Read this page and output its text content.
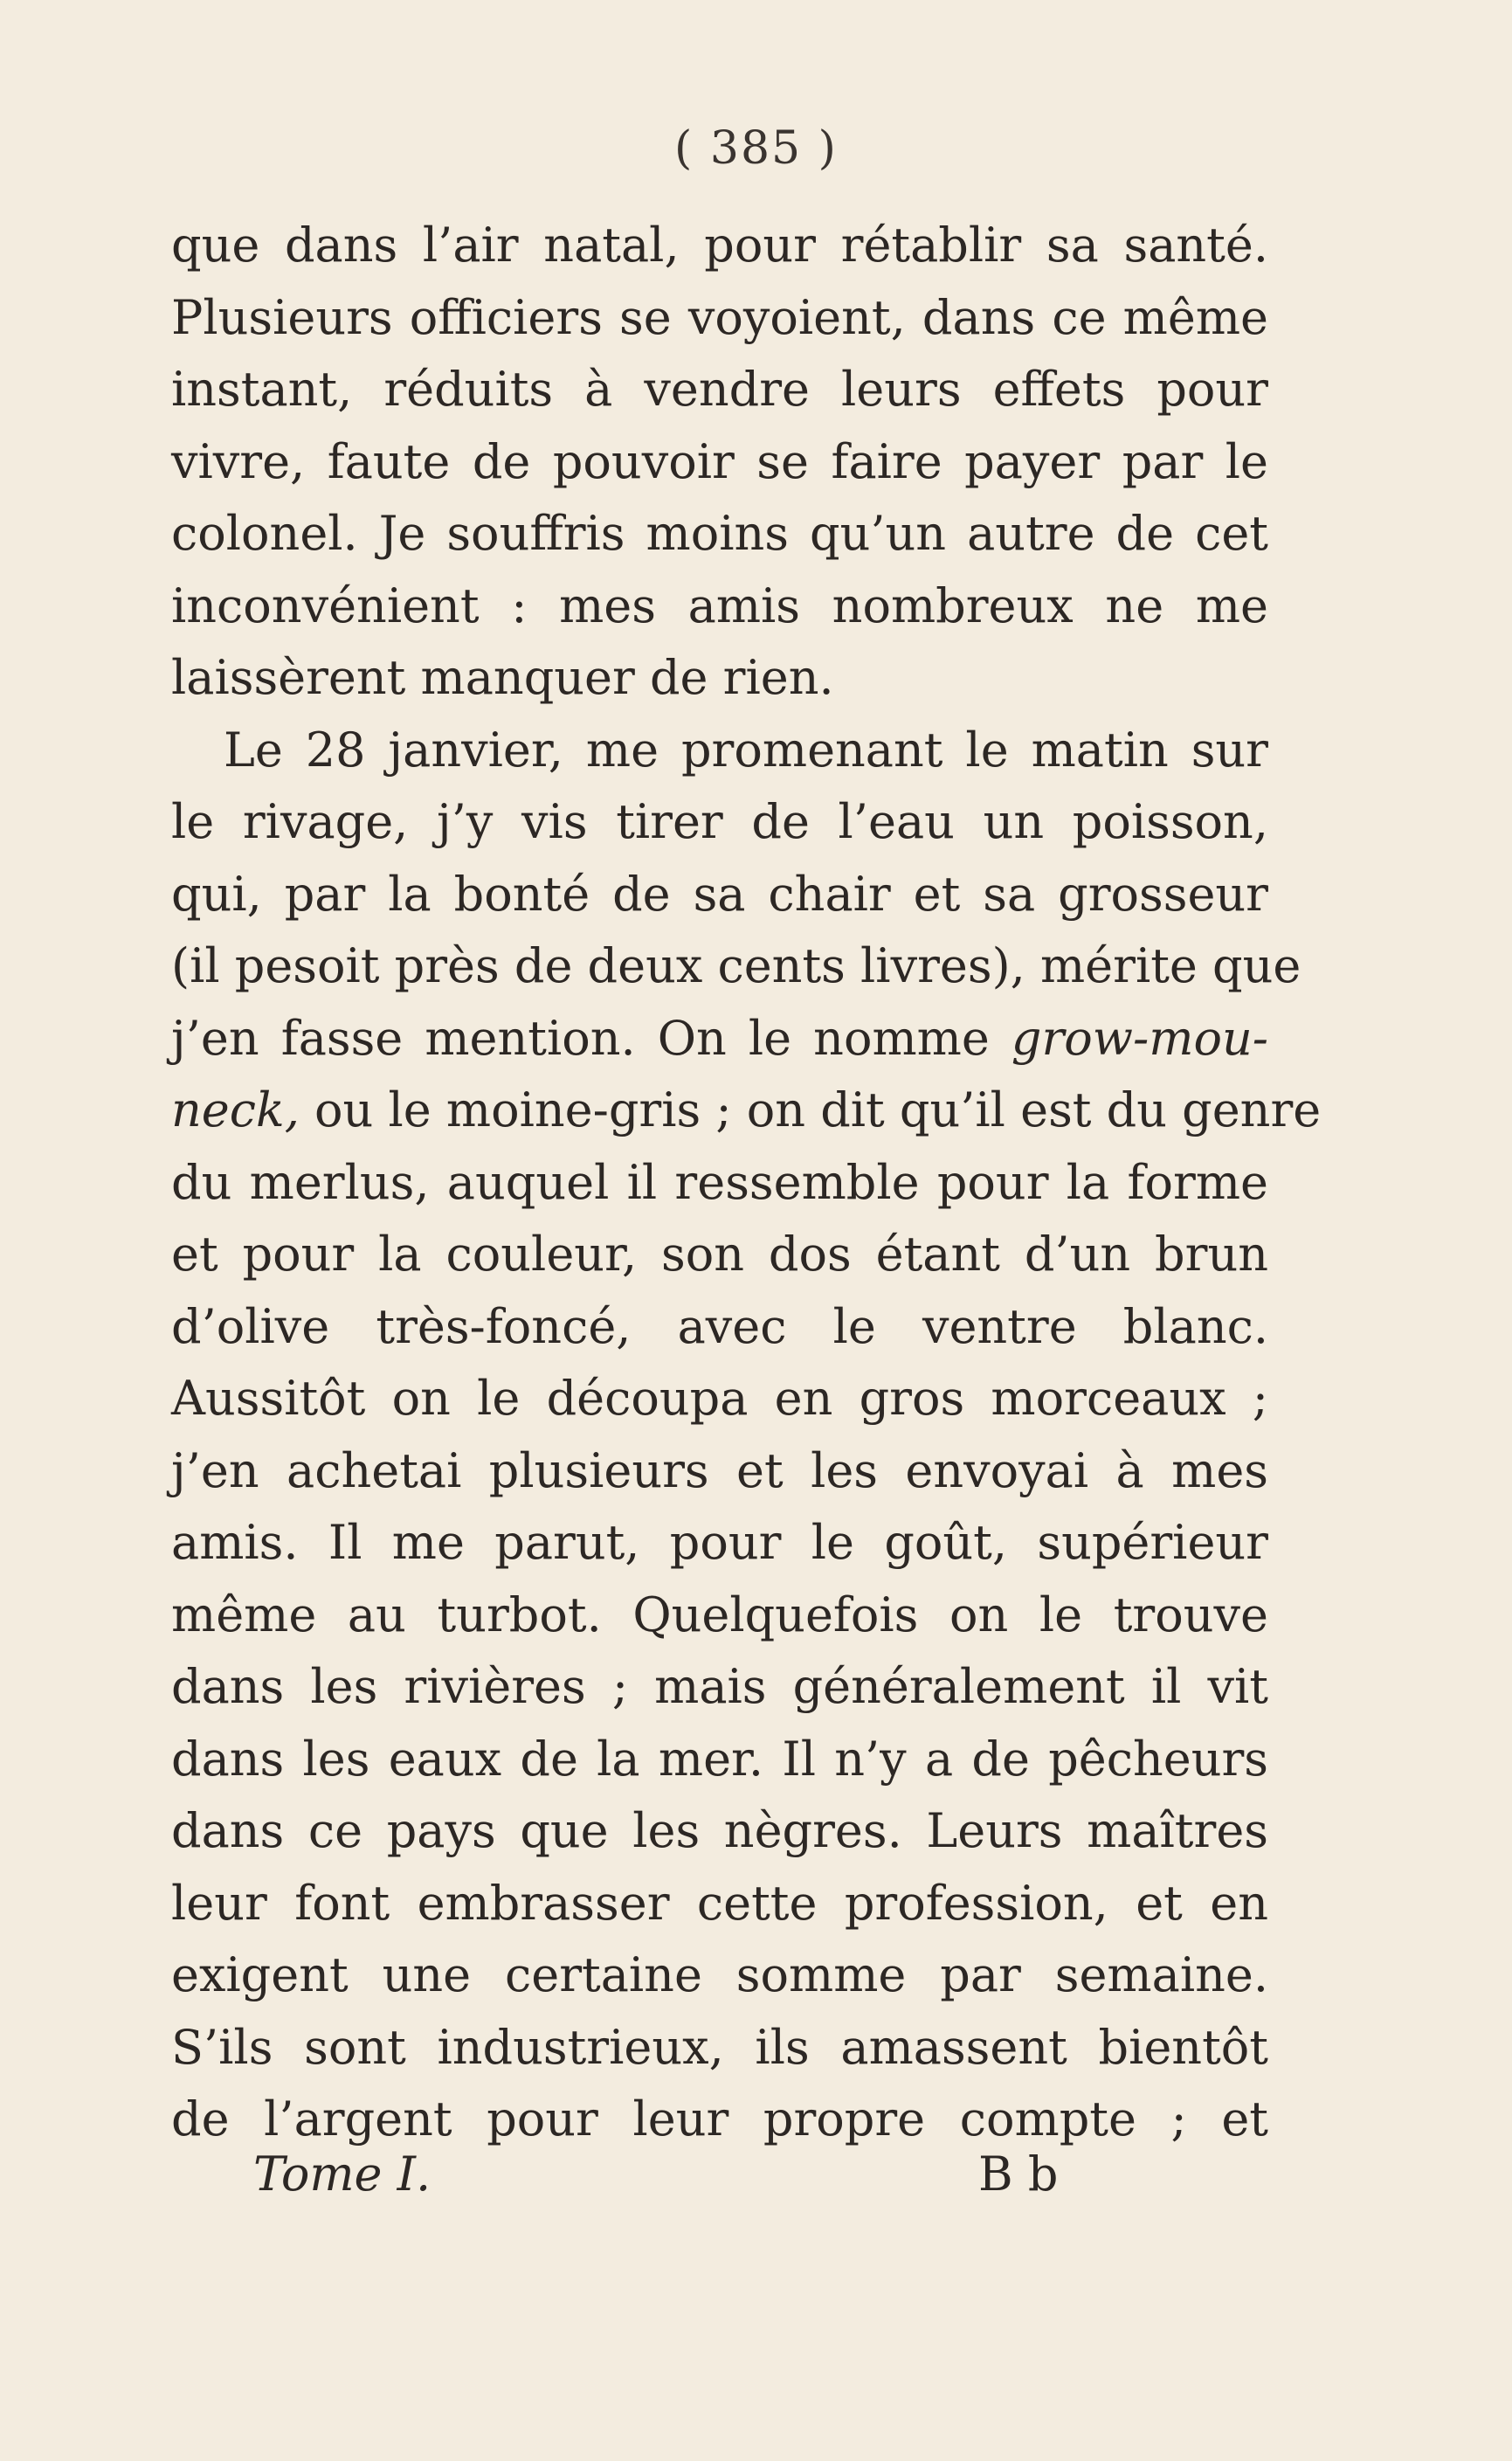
( 385 )
que dans l’air natal, pour rétablir sa santé.
Plusieurs officiers se voyoient, dans ce même
instant, réduits à vendre leurs effets pour
vivre, faute de pouvoir se faire payer par le
colonel. Je souffris moins qu’un autre de cet
inconvénient : mes amis nombreux ne me
laissèrent manquer de rien.
Le 28 janvier, me promenant le matin sur
le rivage, j’y vis tirer de l’eau un poisson,
qui, par la bonté de sa chair et sa grosseur
(il pesoit près de deux cents livres), mérite que
j’en fasse mention. On le nomme grow-mou-
neck, ou le moine-gris ; on dit qu’il est du genre
du merlus, auquel il ressemble pour la forme
et pour la couleur, son dos étant d’un brun
d’olive très-foncé, avec le ventre blanc.
Aussitôt on le découpa en gros morceaux ;
j’en achetai plusieurs et les envoyai à mes
amis. Il me parut, pour le goût, supérieur
même au turbot. Quelquefois on le trouve
dans les rivières ; mais généralement il vit
dans les eaux de la mer. Il n’y a de pêcheurs
dans ce pays que les nègres. Leurs maîtres
leur font embrasser cette profession, et en
exigent une certaine somme par semaine.
S’ils sont industrieux, ils amassent bientôt
de l’argent pour leur propre compte ; et
Tome I.	B b
